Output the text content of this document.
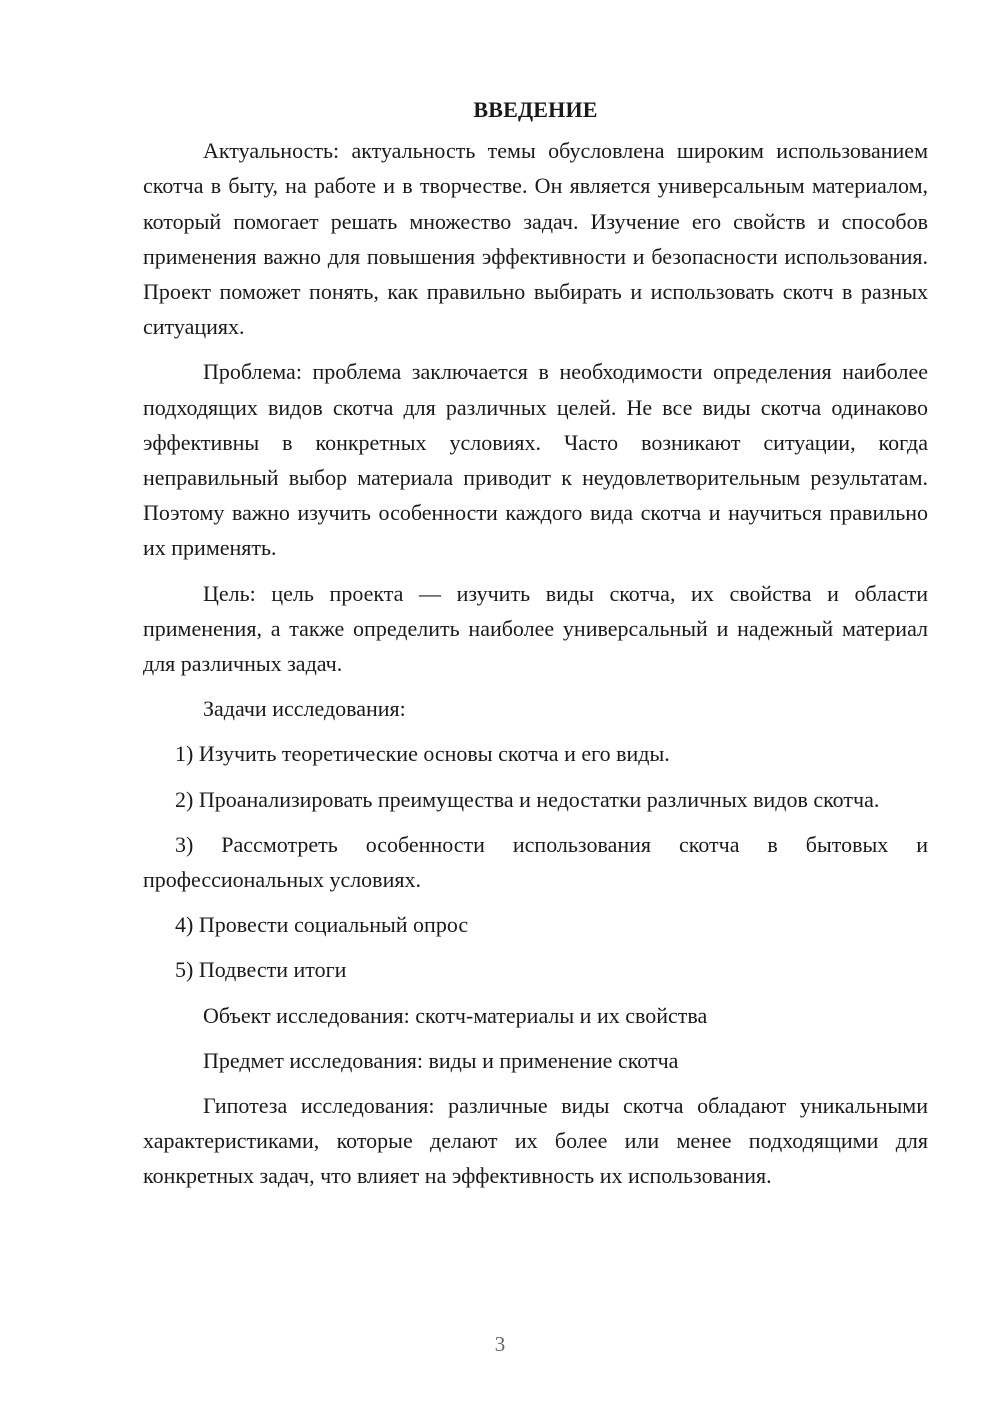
ВВЕДЕНИЕ

Актуальность: актуальность темы обусловлена широким использованием скотча в быту, на работе и в творчестве. Он является универсальным материалом, который помогает решать множество задач. Изучение его свойств и способов применения важно для повышения эффективности и безопасности использования. Проект поможет понять, как правильно выбирать и использовать скотч в разных ситуациях.

Проблема: проблема заключается в необходимости определения наиболее подходящих видов скотча для различных целей. Не все виды скотча одинаково эффективны в конкретных условиях. Часто возникают ситуации, когда неправильный выбор материала приводит к неудовлетворительным результатам. Поэтому важно изучить особенности каждого вида скотча и научиться правильно их применять.

Цель: цель проекта — изучить виды скотча, их свойства и области применения, а также определить наиболее универсальный и надежный материал для различных задач.

Задачи исследования:

1) Изучить теоретические основы скотча и его виды.

2) Проанализировать преимущества и недостатки различных видов скотча.

3) Рассмотреть особенности использования скотча в бытовых и профессиональных условиях.

4) Провести социальный опрос

5) Подвести итоги

Объект исследования: скотч-материалы и их свойства

Предмет исследования: виды и применение скотча

Гипотеза исследования: различные виды скотча обладают уникальными характеристиками, которые делают их более или менее подходящими для конкретных задач, что влияет на эффективность их использования.

3
